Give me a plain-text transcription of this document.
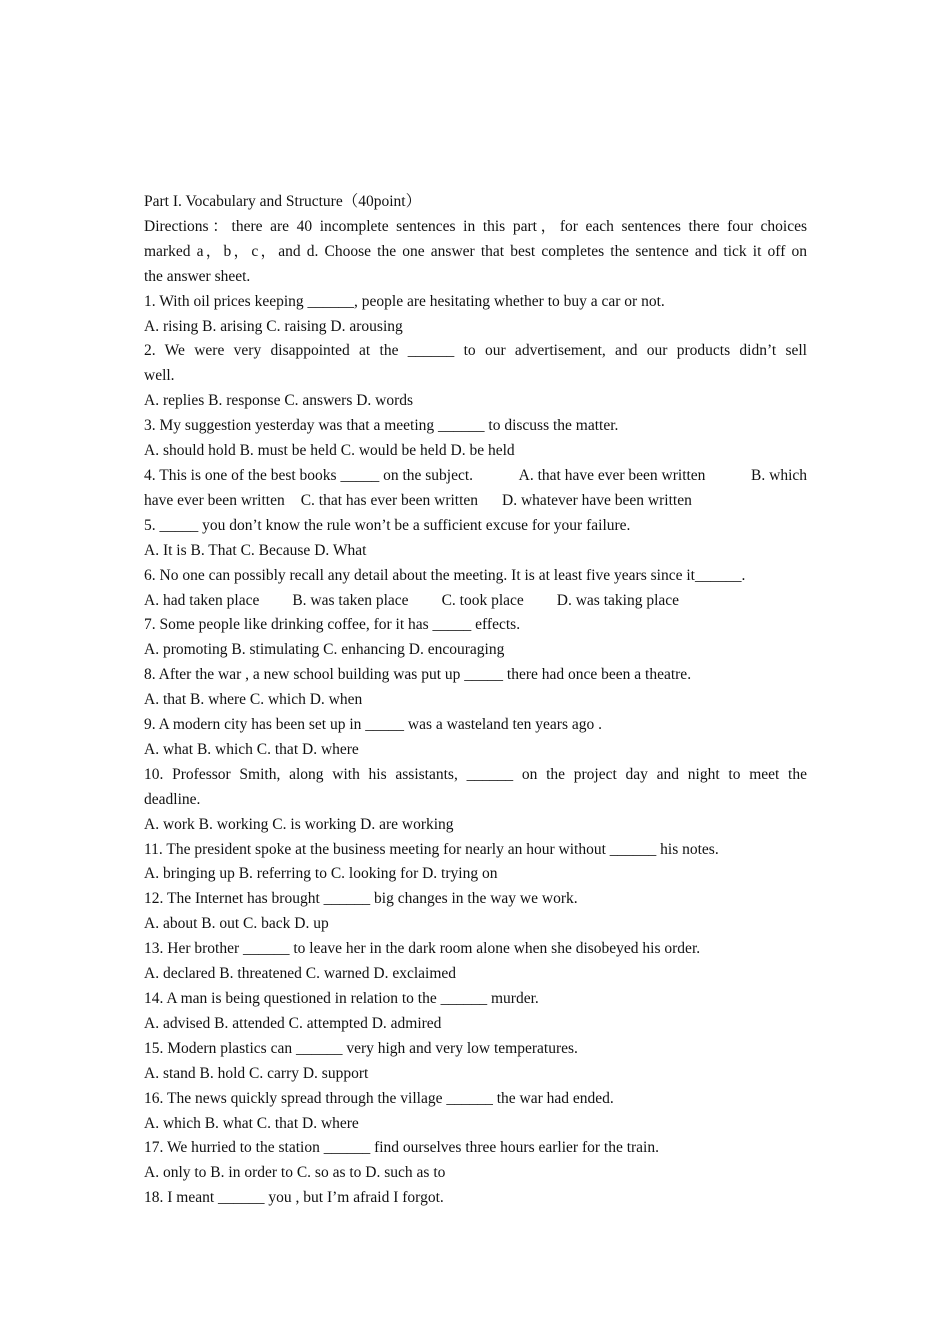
Part I. Vocabulary and Structure（40point）
Directions：there are 40 incomplete sentences in this part，for each sentences there four choices
marked a，b，c，and d. Choose the one answer that best completes the sentence and tick it off on
the answer sheet.
1. With oil prices keeping ______, people are hesitating whether to buy a car or not.
A. rising B. arising C. raising D. arousing
2. We were very disappointed at the ______ to our advertisement, and our products didn’t sell
well.
A. replies B. response C. answers D. words
3. My suggestion yesterday was that a meeting ______ to discuss the matter.
A. should hold B. must be held C. would be held D. be held
4. This is one of the best books _____ on the subject.	A. that have ever been written	B. which
have ever been written C. that has ever been written D. whatever have been written
5. _____ you don’t know the rule won’t be a sufficient excuse for your failure.
A. It is B. That C. Because D. What
6. No one can possibly recall any detail about the meeting. It is at least five years since it______.
A. had taken place B. was taken place C. took place D. was taking place
7. Some people like drinking coffee, for it has _____ effects.
A. promoting B. stimulating C. enhancing D. encouraging
8. After the war , a new school building was put up _____ there had once been a theatre.
A. that B. where C. which D. when
9. A modern city has been set up in _____ was a wasteland ten years ago .
A. what B. which C. that D. where
10. Professor Smith, along with his assistants, ______ on the project day and night to meet the
deadline.
A. work B. working C. is working D. are working
11. The president spoke at the business meeting for nearly an hour without ______ his notes.
A. bringing up B. referring to C. looking for D. trying on
12. The Internet has brought ______ big changes in the way we work.
A. about B. out C. back D. up
13. Her brother ______ to leave her in the dark room alone when she disobeyed his order.
A. declared B. threatened C. warned D. exclaimed
14. A man is being questioned in relation to the ______ murder.
A. advised B. attended C. attempted D. admired
15. Modern plastics can ______ very high and very low temperatures.
A. stand B. hold C. carry D. support
16. The news quickly spread through the village ______ the war had ended.
A. which B. what C. that D. where
17. We hurried to the station ______ find ourselves three hours earlier for the train.
A. only to B. in order to C. so as to D. such as to
18. I meant ______ you , but I’m afraid I forgot.
